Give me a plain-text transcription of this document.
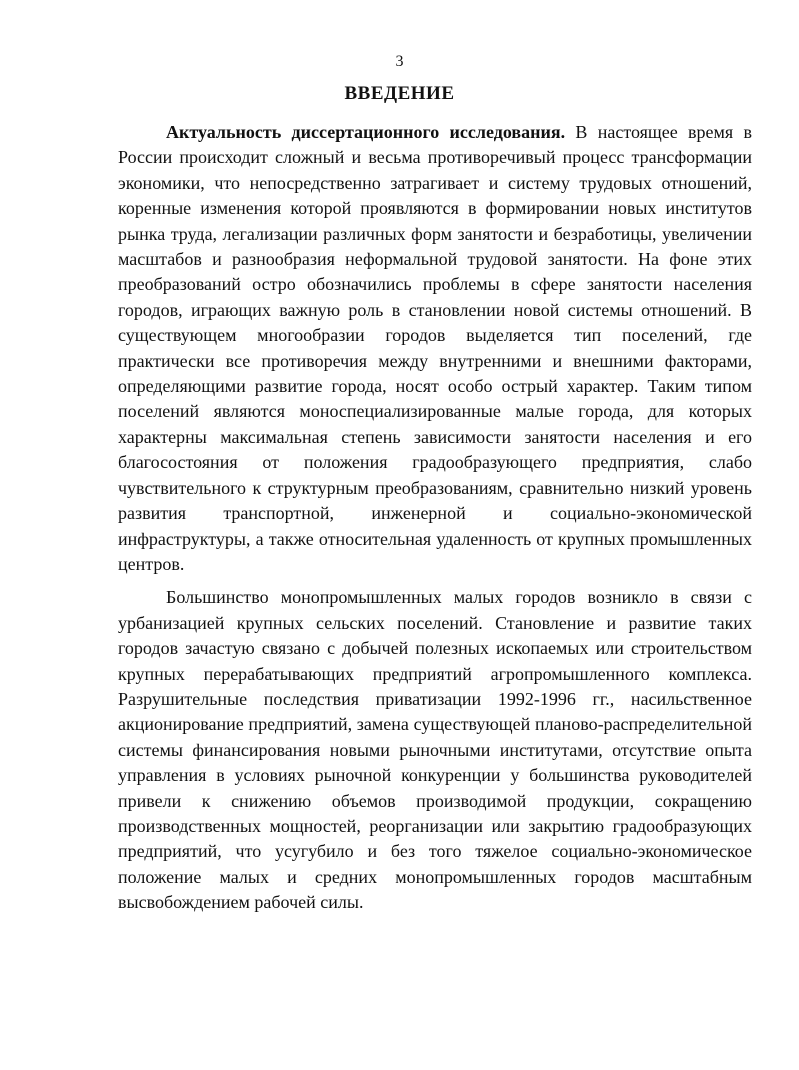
3
ВВЕДЕНИЕ

Актуальность диссертационного исследования. В настоящее время в России происходит сложный и весьма противоречивый процесс трансформации экономики, что непосредственно затрагивает и систему трудовых отношений, коренные изменения которой проявляются в формировании новых институтов рынка труда, легализации различных форм занятости и безработицы, увеличении масштабов и разнообразия неформальной трудовой занятости. На фоне этих преобразований остро обозначились проблемы в сфере занятости населения городов, играющих важную роль в становлении новой системы отношений. В существующем многообразии городов выделяется тип поселений, где практически все противоречия между внутренними и внешними факторами, определяющими развитие города, носят особо острый характер. Таким типом поселений являются моноспециализированные малые города, для которых характерны максимальная степень зависимости занятости населения и его благосостояния от положения градообразующего предприятия, слабо чувствительного к структурным преобразованиям, сравнительно низкий уровень развития транспортной, инженерной и социально-экономической инфраструктуры, а также относительная удаленность от крупных промышленных центров.

Большинство монопромышленных малых городов возникло в связи с урбанизацией крупных сельских поселений. Становление и развитие таких городов зачастую связано с добычей полезных ископаемых или строительством крупных перерабатывающих предприятий агропромышленного комплекса. Разрушительные последствия приватизации 1992-1996 гг., насильственное акционирование предприятий, замена существующей планово-распределительной системы финансирования новыми рыночными институтами, отсутствие опыта управления в условиях рыночной конкуренции у большинства руководителей привели к снижению объемов производимой продукции, сокращению производственных мощностей, реорганизации или закрытию градообразующих предприятий, что усугубило и без того тяжелое социально-экономическое положение малых и средних монопромышленных городов масштабным высвобождением рабочей силы.
